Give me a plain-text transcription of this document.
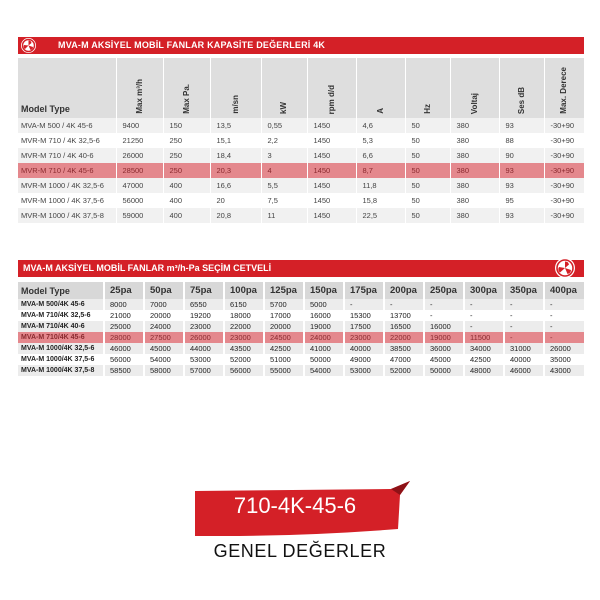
MVA-M AKSİYEL MOBİL FANLAR KAPASİTE DEĞERLERİ 4K
Model Type	Max m³/h	Max Pa.	m/sn	kW	rpm d/d	A	Hz	Voltaj	Ses dB	Max. Derece

MVA-M 500 / 4K 45-6	9400	150	13,5	0,55	1450	4,6	50	380	93	-30+90
MVR-M 710 / 4K 32,5-6	21250	250	15,1	2,2	1450	5,3	50	380	88	-30+90
MVR-M 710 / 4K 40-6	26000	250	18,4	3	1450	6,6	50	380	90	-30+90
MVR-M 710 / 4K 45-6	28500	250	20,3	4	1450	8,7	50	380	93	-30+90
MVR-M 1000 / 4K 32,5-6	47000	400	16,6	5,5	1450	11,8	50	380	93	-30+90
MVR-M 1000 / 4K 37,5-6	56000	400	20	7,5	1450	15,8	50	380	95	-30+90
MVR-M 1000 / 4K 37,5-8	59000	400	20,8	11	1450	22,5	50	380	93	-30+90
MVA-M AKSİYEL MOBİL FANLAR m³/h-Pa SEÇİM CETVELİ
Model Type	25pa	50pa	75pa	100pa	125pa	150pa	175pa	200pa	250pa	300pa	350pa	400pa
MVA-M 500/4K 45-6	8000	7000	6550	6150	5700	5000	-	-	-	-	-	-
MVA-M 710/4K 32,5-6	21000	20000	19200	18000	17000	16000	15300	13700	-	-	-	-
MVA-M 710/4K 40-6	25000	24000	23000	22000	20000	19000	17500	16500	16000	-	-	-
MVA-M 710/4K 45-6	28000	27500	26000	23000	24500	24000	23000	22000	19000	11500	-	-
MVA-M 1000/4K 32,5-6	46000	45000	44000	43500	42500	41000	40000	38500	36000	34000	31000	26000
MVA-M 1000/4K 37,5-6	56000	54000	53000	52000	51000	50000	49000	47000	45000	42500	40000	35000
MVA-M 1000/4K 37,5-8	58500	58000	57000	56000	55000	54000	53000	52000	50000	48000	46000	43000
710-4K-45-6
GENEL DEĞERLER
